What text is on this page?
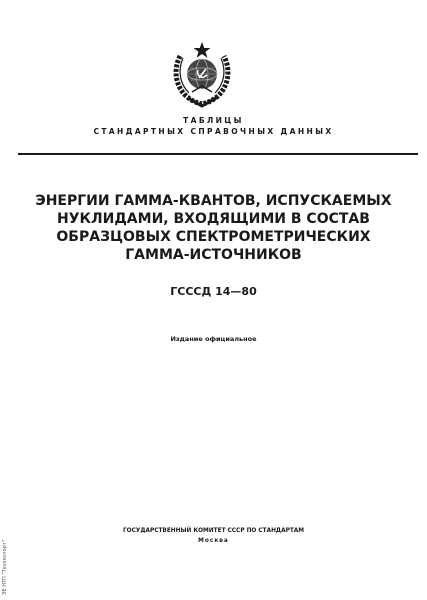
ТАБЛИЦЫ
СТАНДАРТНЫХ СПРАВОЧНЫХ ДАННЫХ
ЭНЕРГИИ ГАММА-КВАНТОВ, ИСПУСКАЕМЫХ
НУКЛИДАМИ, ВХОДЯЩИМИ В СОСТАВ
ОБРАЗЦОВЫХ СПЕКТРОМЕТРИЧЕСКИХ
ГАММА-ИСТОЧНИКОВ
ГСССД 14—80
Издание официальное
ГОСУДАРСТВЕННЫЙ КОМИТЕТ СССР ПО СТАНДАРТАМ
Москва
ЭЕ НТП "Техэкспорт"
